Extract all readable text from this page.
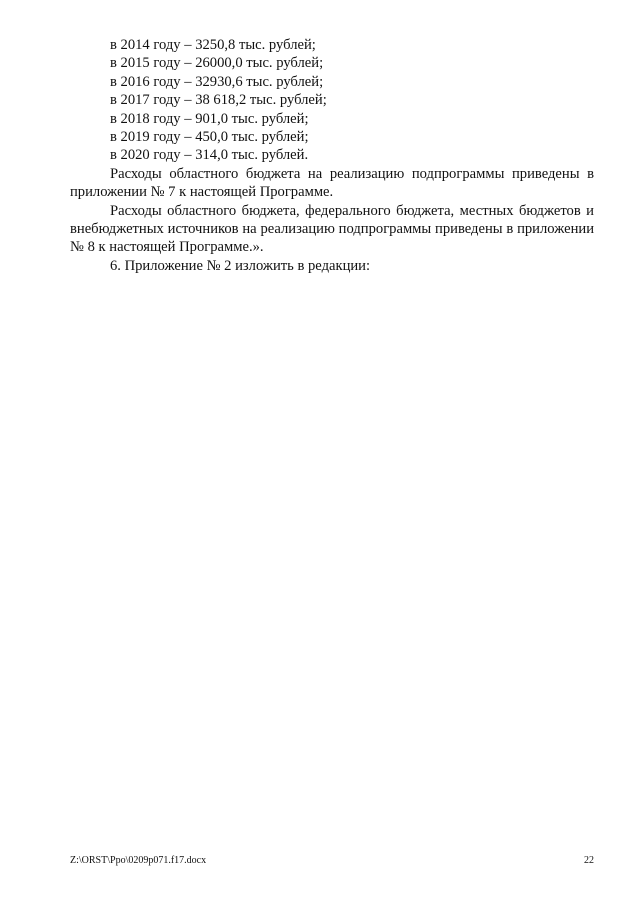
в 2014 году – 3250,8 тыс. рублей;
в 2015 году – 26000,0 тыс. рублей;
в 2016 году – 32930,6 тыс. рублей;
в 2017 году – 38 618,2 тыс. рублей;
в 2018 году – 901,0 тыс. рублей;
в 2019 году – 450,0 тыс. рублей;
в 2020 году – 314,0 тыс. рублей.

Расходы областного бюджета на реализацию подпрограммы приведены в приложении № 7 к настоящей Программе.

Расходы областного бюджета, федерального бюджета, местных бюджетов и внебюджетных источников на реализацию подпрограммы приведены в приложении № 8 к настоящей Программе.».

6. Приложение № 2 изложить в редакции:

Z:\ORST\Ppo\0209p071.f17.docx	22
